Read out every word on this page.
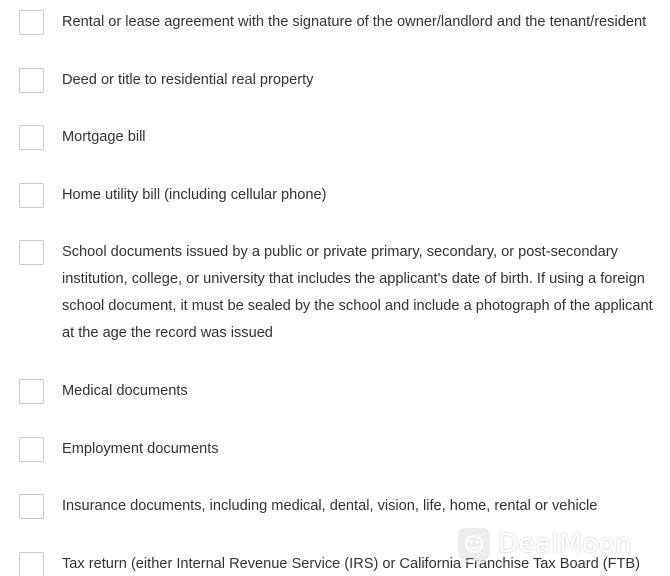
Rental or lease agreement with the signature of the owner/landlord and the tenant/resident
Deed or title to residential real property
Mortgage bill
Home utility bill (including cellular phone)
School documents issued by a public or private primary, secondary, or post-secondary institution, college, or university that includes the applicant's date of birth. If using a foreign school document, it must be sealed by the school and include a photograph of the applicant at the age the record was issued
Medical documents
Employment documents
Insurance documents, including medical, dental, vision, life, home, rental or vehicle
Tax return (either Internal Revenue Service (IRS) or California Franchise Tax Board (FTB)
DealMoon
